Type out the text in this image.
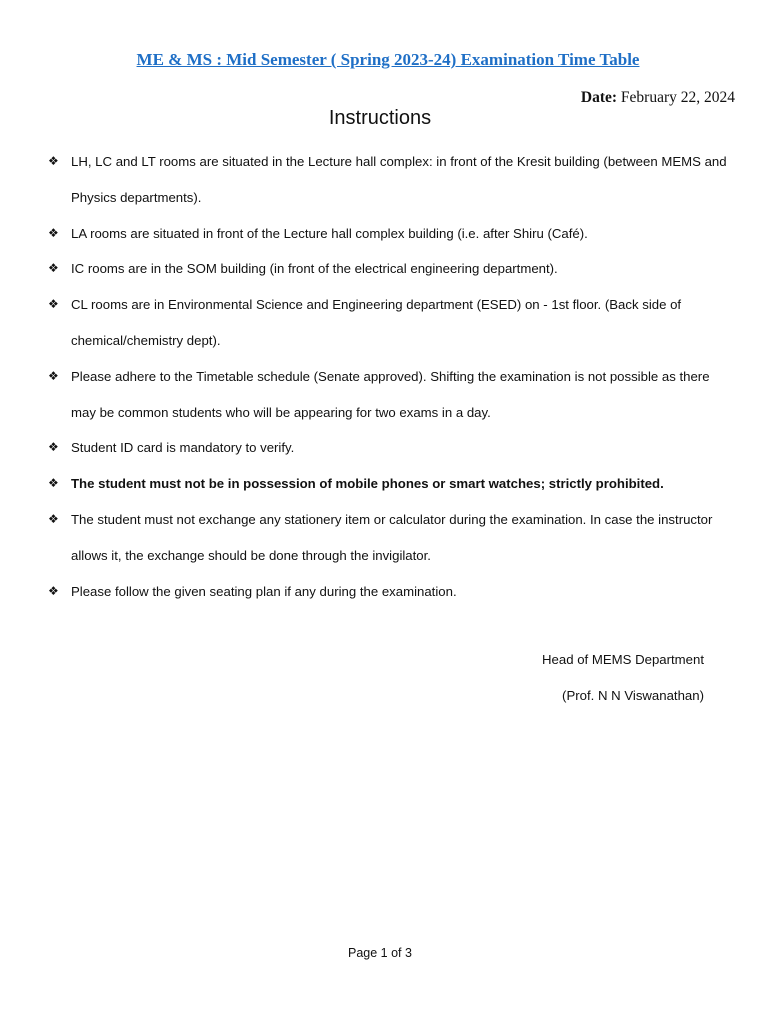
ME & MS : Mid Semester ( Spring 2023-24) Examination Time Table
Date: February 22, 2024
Instructions
❖ LH, LC and LT rooms are situated in the Lecture hall complex: in front of the Kresit building (between MEMS and Physics departments).
❖ LA rooms are situated in front of the Lecture hall complex building (i.e. after Shiru (Café).
❖ IC rooms are in the SOM building (in front of the electrical engineering department).
❖ CL rooms are in Environmental Science and Engineering department (ESED) on - 1st floor. (Back side of chemical/chemistry dept).
❖ Please adhere to the Timetable schedule (Senate approved). Shifting the examination is not possible as there may be common students who will be appearing for two exams in a day.
❖ Student ID card is mandatory to verify.
❖ The student must not be in possession of mobile phones or smart watches; strictly prohibited.
❖ The student must not exchange any stationery item or calculator during the examination. In case the instructor allows it, the exchange should be done through the invigilator.
❖ Please follow the given seating plan if any during the examination.
Head of MEMS Department
(Prof. N N Viswanathan)
Page 1 of 3
